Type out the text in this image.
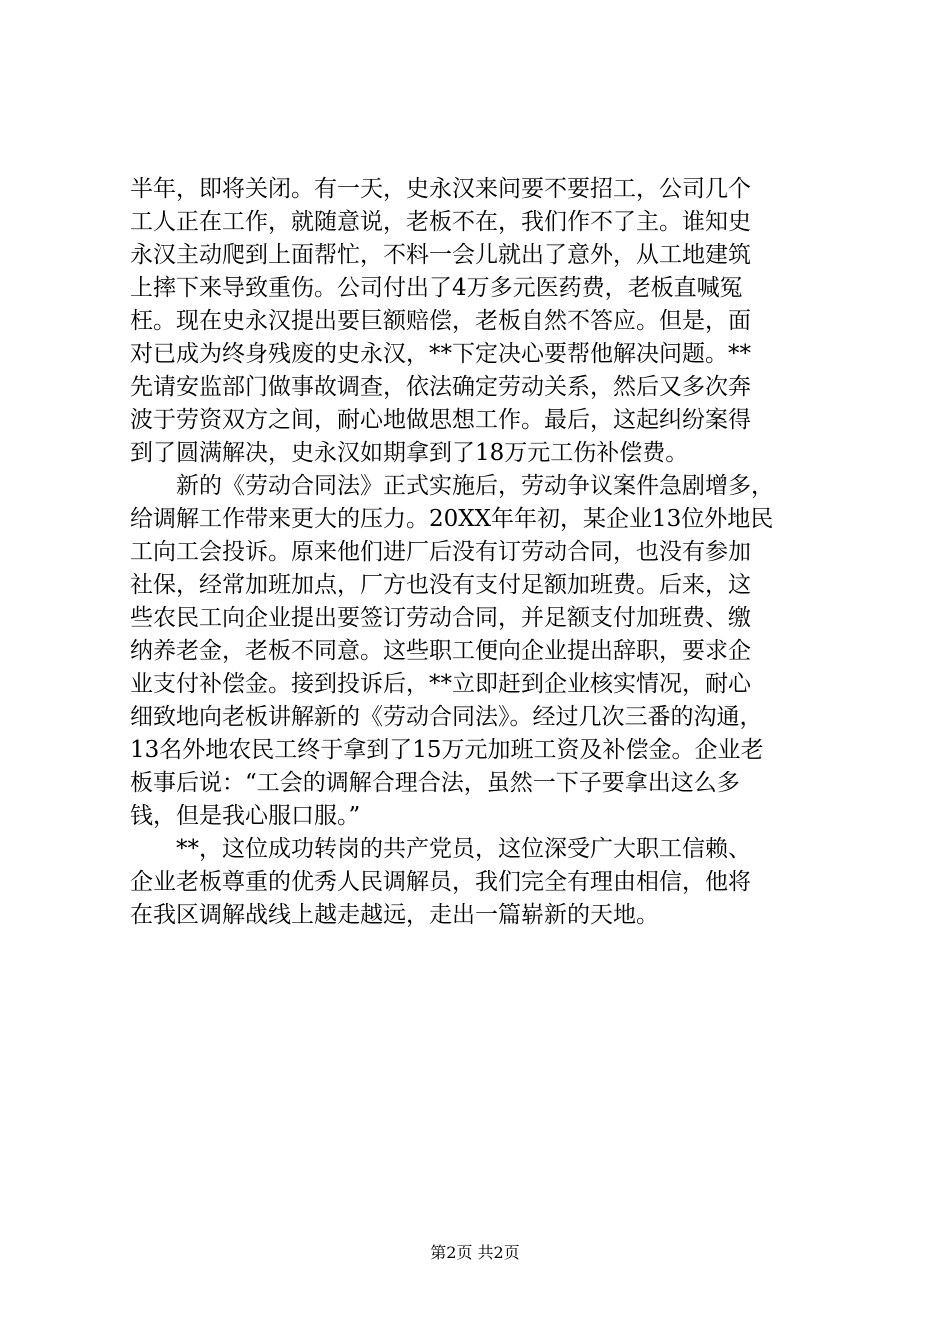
半年，即将关闭。有一天，史永汉来问要不要招工，公司几个
工人正在工作，就随意说，老板不在，我们作不了主。谁知史
永汉主动爬到上面帮忙，不料一会儿就出了意外，从工地建筑
上摔下来导致重伤。公司付出了4万多元医药费，老板直喊冤
枉。现在史永汉提出要巨额赔偿，老板自然不答应。但是，面
对已成为终身残废的史永汉，**下定决心要帮他解决问题。**
先请安监部门做事故调查，依法确定劳动关系，然后又多次奔
波于劳资双方之间，耐心地做思想工作。最后，这起纠纷案得
到了圆满解决，史永汉如期拿到了18万元工伤补偿费。
　　新的《劳动合同法》正式实施后，劳动争议案件急剧增多，
给调解工作带来更大的压力。20XX年年初，某企业13位外地民
工向工会投诉。原来他们进厂后没有订劳动合同，也没有参加
社保，经常加班加点，厂方也没有支付足额加班费。后来，这
些农民工向企业提出要签订劳动合同，并足额支付加班费、缴
纳养老金，老板不同意。这些职工便向企业提出辞职，要求企
业支付补偿金。接到投诉后，**立即赶到企业核实情况，耐心
细致地向老板讲解新的《劳动合同法》。经过几次三番的沟通，
13名外地农民工终于拿到了15万元加班工资及补偿金。企业老
板事后说：“工会的调解合理合法，虽然一下子要拿出这么多
钱，但是我心服口服。”
　　**，这位成功转岗的共产党员，这位深受广大职工信赖、
企业老板尊重的优秀人民调解员，我们完全有理由相信，他将
在我区调解战线上越走越远，走出一篇崭新的天地。
第2页 共2页
